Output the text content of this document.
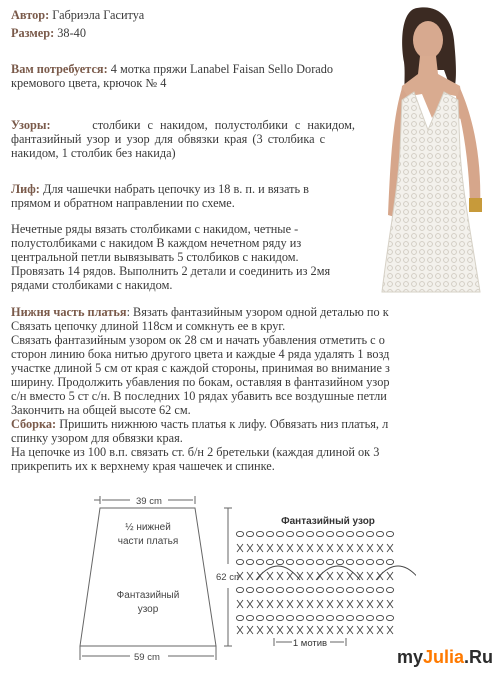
Автор: Габриэла Гаситуа
Размер: 38-40
Вам потребуется: 4 мотка пряжи Lanabel Faisan Sello Dorado
кремового цвета, крючок № 4
Узоры:	столбики с накидом, полустолбики с накидом,
фантазийный узор и узор для обвязки края (3 столбика с
накидом, 1 столбик без накида)
Лиф: Для чашечки набрать цепочку из 18 в. п. и вязать в
прямом и обратном направлении по схеме.
Нечетные ряды вязать столбиками с накидом, четные -
полустолбиками с накидом В каждом нечетном ряду из
центральной петли вывязывать 5 столбиков с накидом.
Провязать 14 рядов. Выполнить 2 детали и соединить из 2мя
рядами столбиками с накидом.
Нижня часть платья: Вязать фантазийным узором одной деталью по к
Связать цепочку длиной 118см и сомкнуть ее в круг.
Связать фантазийным узором ок 28 см и начать убавления отметить с о
сторон линию бока нитью другого цвета и каждые 4 ряда удалять 1 возд
участке длиной 5 см от края с каждой стороны, принимая во внимание з
ширину. Продолжить убавления по бокам, оставляя в фантазийном узор
с/н вместо 5 ст с/н. В последних 10 рядах убавить все воздушные петли
Закончить на общей высоте 62 см.
Сборка: Пришить нижнюю часть платья к лифу. Обвязать низ платья, л
спинку узором для обвязки края.
На цепочке из 100 в.п. связать ст. б/н 2 бретельки (каждая длиной ок 3
прикрепить их к верхнему края чашечек и спинке.
39 cm
59 cm
62 cm
½ нижней
части платья
Фантазийный
узор
Фантазийный узор
1 мотив
myJulia.Ru
